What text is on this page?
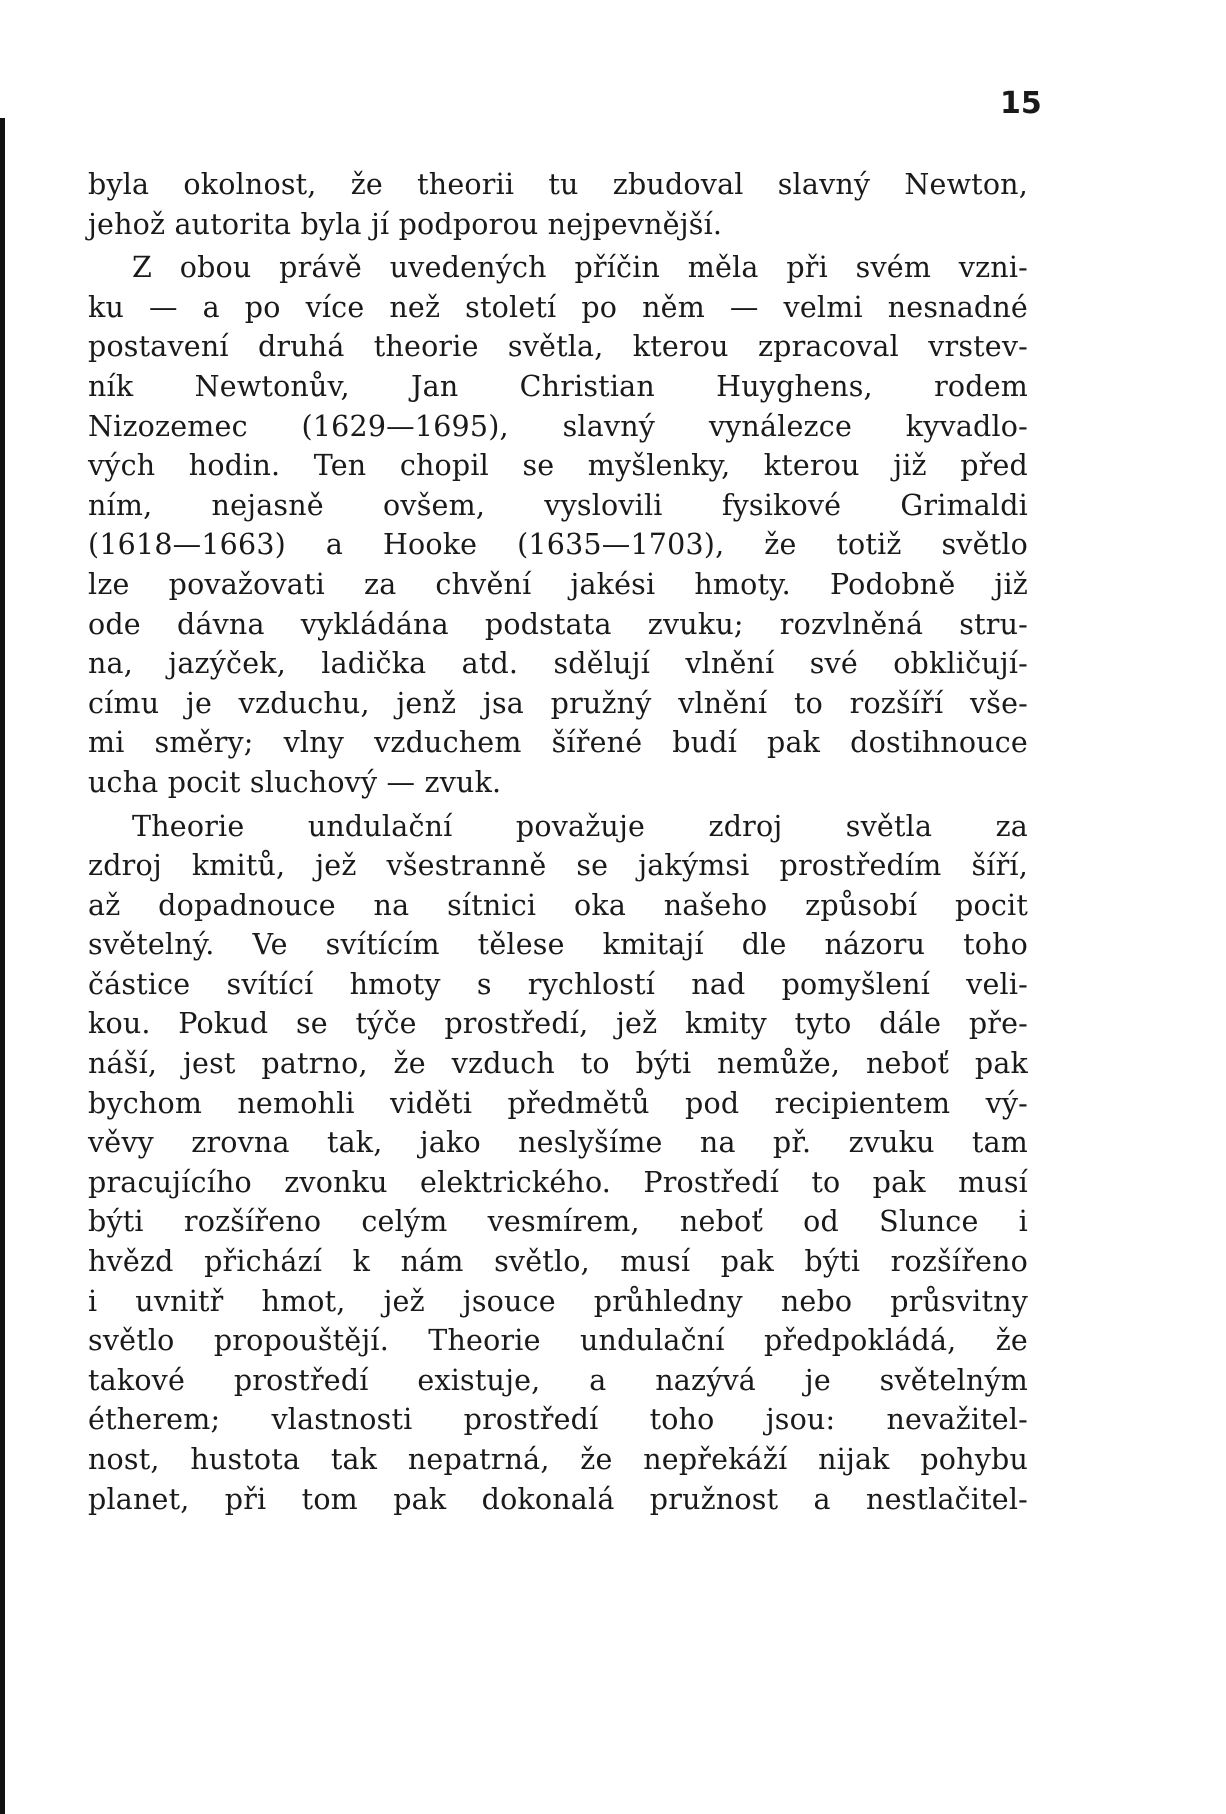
15
byla okolnost, že theorii tu zbudoval slavný Newton,
jehož autorita byla jí podporou nejpevnější.
Z obou právě uvedených příčin měla při svém vzni-
ku — a po více než století po něm — velmi nesnadné
postavení druhá theorie světla, kterou zpracoval vrstev-
ník Newtonův, Jan Christian Huyghens, rodem
Nizozemec (1629—1695), slavný vynálezce kyvadlo-
vých hodin. Ten chopil se myšlenky, kterou již před
ním, nejasně ovšem, vyslovili fysikové Grimaldi
(1618—1663) a Hooke (1635—1703), že totiž světlo
lze považovati za chvění jakési hmoty. Podobně již
ode dávna vykládána podstata zvuku; rozvlněná stru-
na, jazýček, ladička atd. sdělují vlnění své obkličují-
címu je vzduchu, jenž jsa pružný vlnění to rozšíří vše-
mi směry; vlny vzduchem šířené budí pak dostihnouce
ucha pocit sluchový — zvuk.
Theorie undulační považuje zdroj světla za
zdroj kmitů, jež všestranně se jakýmsi prostředím šíří,
až dopadnouce na sítnici oka našeho způsobí pocit
světelný. Ve svítícím tělese kmitají dle názoru toho
částice svítící hmoty s rychlostí nad pomyšlení veli-
kou. Pokud se týče prostředí, jež kmity tyto dále pře-
náší, jest patrno, že vzduch to býti nemůže, neboť pak
bychom nemohli viděti předmětů pod recipientem vý-
věvy zrovna tak, jako neslyšíme na př. zvuku tam
pracujícího zvonku elektrického. Prostředí to pak musí
býti rozšířeno celým vesmírem, neboť od Slunce i
hvězd přichází k nám světlo, musí pak býti rozšířeno
i uvnitř hmot, jež jsouce průhledny nebo průsvitny
světlo propouštějí. Theorie undulační předpokládá, že
takové prostředí existuje, a nazývá je světelným
étherem; vlastnosti prostředí toho jsou: nevažitel-
nost, hustota tak nepatrná, že nepřekáží nijak pohybu
planet, při tom pak dokonalá pružnost a nestlačitel-
